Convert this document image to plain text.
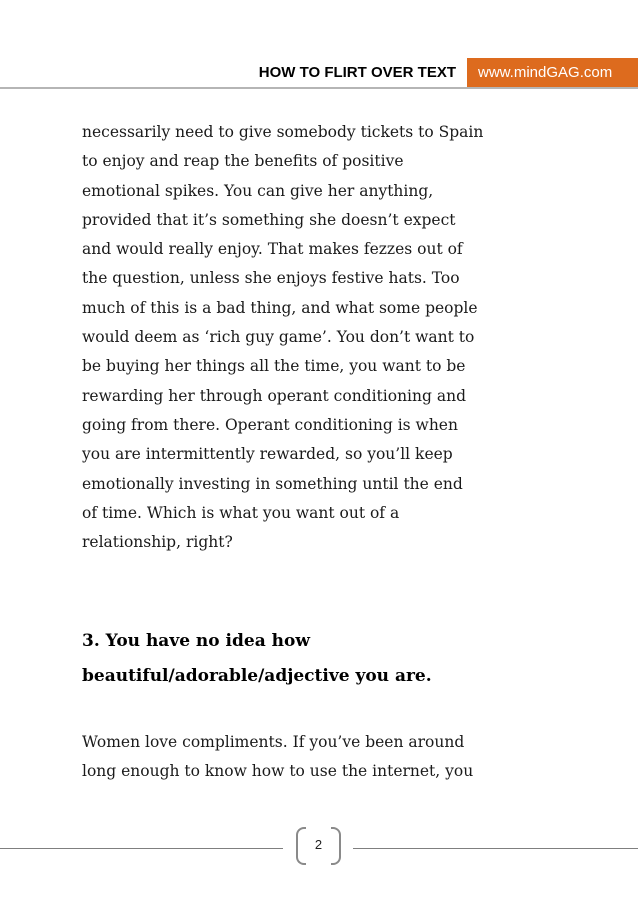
HOW TO FLIRT OVER TEXT	www.mindGAG.com

necessarily need to give somebody tickets to Spain
to enjoy and reap the benefits of positive
emotional spikes. You can give her anything,
provided that it’s something she doesn’t expect
and would really enjoy. That makes fezzes out of
the question, unless she enjoys festive hats. Too
much of this is a bad thing, and what some people
would deem as ‘rich guy game’. You don’t want to
be buying her things all the time, you want to be
rewarding her through operant conditioning and
going from there. Operant conditioning is when
you are intermittently rewarded, so you’ll keep
emotionally investing in something until the end
of time. Which is what you want out of a
relationship, right?

3. You have no idea how
beautiful/adorable/adjective you are.

Women love compliments. If you’ve been around
long enough to know how to use the internet, you

2
